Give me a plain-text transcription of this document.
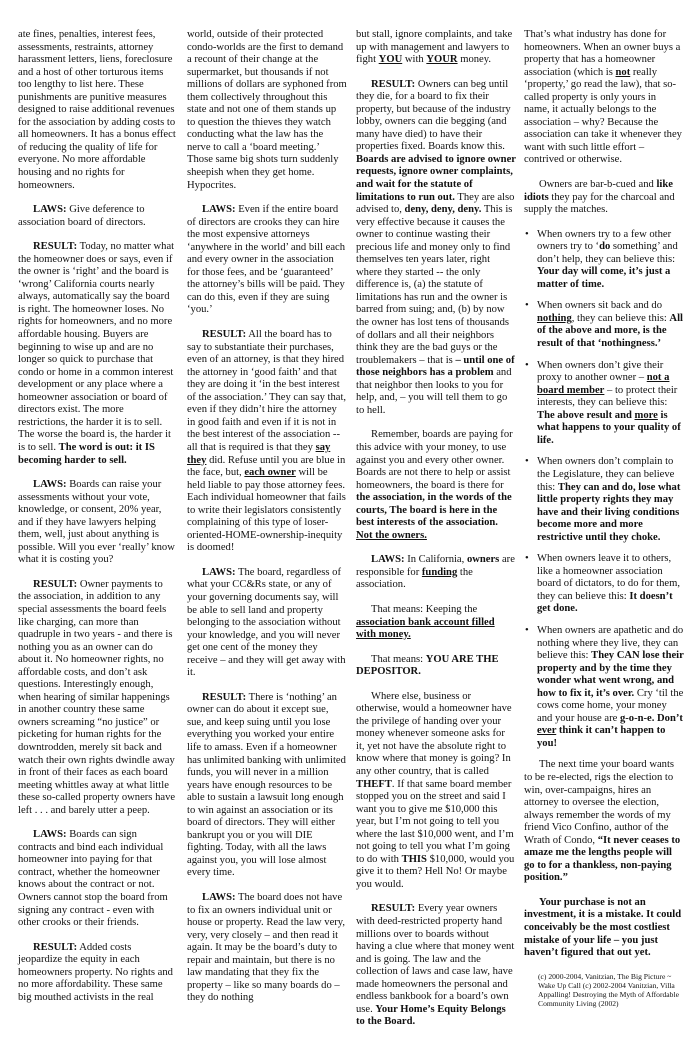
ate fines, penalties, interest fees, assessments, restraints, attorney harassment letters, liens, foreclosure and a host of other torturous items too lengthy to list here. These punishments are punitive measures designed to raise additional revenues for the association by adding costs to all homeowners. It has a bonus effect of reducing the quality of life for everyone. No more affordable housing and no rights for homeowners.

LAWS: Give deference to association board of directors.

RESULT: Today, no matter what the homeowner does or says, even if the owner is ‘right’ and the board is ‘wrong’ California courts nearly always, automatically say the board is right. The homeowner loses. No rights for homeowners, and no more affordable housing. Buyers are beginning to wise up and are no longer so quick to purchase that condo or home in a common interest development or any place where a homeowner association or board of directors exist. The more restrictions, the harder it is to sell. The worse the board is, the harder it is to sell. The word is out: it IS becoming harder to sell.

LAWS: Boards can raise your assessments without your vote, knowledge, or consent, 20% year, and if they have lawyers helping them, well, just about anything is possible. Will you ever ‘really’ know what it is costing you?

RESULT: Owner payments to the association, in addition to any special assessments the board feels like charging, can more than quadruple in two years - and there is nothing you as an owner can do about it. No homeowner rights, no affordable costs, and don’t ask questions. Interestingly enough, when hearing of similar happenings in another country these same owners screaming “no justice” or picketing for human rights for the downtrodden, merely sit back and watch their own rights dwindle away in front of their faces as each board meeting whittles away at what little these so-called property owners have left . . . and barely utter a peep.

LAWS: Boards can sign contracts and bind each individual homeowner into paying for that contract, whether the homeowner knows about the contract or not. Owners cannot stop the board from signing any contract - even with other crooks or their friends.

RESULT: Added costs jeopardize the equity in each homeowners property. No rights and no more affordability. These same big mouthed activists in the real

world, outside of their protected condo-worlds are the first to demand a recount of their change at the supermarket, but thousands if not millions of dollars are syphoned from them collectively throughout this state and not one of them stands up to question the thieves they watch conducting what the law has the nerve to call a ‘board meeting.’ Those same big shots turn suddenly sheepish when they get home. Hypocrites.

LAWS: Even if the entire board of directors are crooks they can hire the most expensive attorneys ‘anywhere in the world’ and bill each and every owner in the association for those fees, and be ‘guaranteed’ the attorney’s bills will be paid. They can do this, even if they are suing ‘you.’

RESULT: All the board has to say to substantiate their purchases, even of an attorney, is that they hired the attorney in ‘good faith’ and that they are doing it ‘in the best interest of the association.’ They can say that, even if they didn’t hire the attorney in good faith and even if it is not in the best interest of the association -- all that is required is that they say they did. Refuse until you are blue in the face, but, each owner will be held liable to pay those attorney fees. Each individual homeowner that fails to write their legislators consistently complaining of this type of loser-oriented-HOME-ownership-inequity is doomed!

LAWS: The board, regardless of what your CC&Rs state, or any of your governing documents say, will be able to sell land and property belonging to the association without your knowledge, and you will never get one cent of the money they receive – and they will get away with it.

RESULT: There is ‘nothing’ an owner can do about it except sue, sue, and keep suing until you lose everything you worked your entire life to amass. Even if a homeowner has unlimited banking with unlimited funds, you will never in a million years have enough resources to be able to sustain a lawsuit long enough to win against an association or its board of directors. They will either bankrupt you or you will DIE fighting. Today, with all the laws against you, you will lose almost every time.

LAWS: The board does not have to fix an owners individual unit or house or property. Read the law very, very, very closely – and then read it again. It may be the board’s duty to repair and maintain, but there is no law mandating that they fix the property – like so many boards do – they do nothing

but stall, ignore complaints, and take up with management and lawyers to fight YOU with YOUR money.

RESULT: Owners can beg until they die, for a board to fix their property, but because of the industry lobby, owners can die begging (and many have died) to have their properties fixed. Boards know this. Boards are advised to ignore owner requests, ignore owner complaints, and wait for the statute of limitations to run out. They are also advised to, deny, deny, deny. This is very effective because it causes the owner to continue wasting their precious life and money only to find themselves ten years later, right where they started -- the only difference is, (a) the statute of limitations has run and the owner is barred from suing; and, (b) by now the owner has lost tens of thousands of dollars and all their neighbors think they are the bad guys or the troublemakers – that is – until one of those neighbors has a problem and that neighbor then looks to you for help, and, – you will tell them to go to hell.

Remember, boards are paying for this advice with your money, to use against you and every other owner. Boards are not there to help or assist homeowners, the board is there for the association, in the words of the courts, The board is here in the best interests of the association. Not the owners.

LAWS: In California, owners are responsible for funding the association.

That means: Keeping the association bank account filled with money.

That means: YOU ARE THE DEPOSITOR.

Where else, business or otherwise, would a homeowner have the privilege of handing over your money whenever someone asks for it, yet not have the absolute right to know where that money is going? In any other country, that is called THEFT. If that same board member stopped you on the street and said I want you to give me $10,000 this year, but I’m not going to tell you where the last $10,000 went, and I’m not going to tell you what I’m going to do with THIS $10,000, would you give it to them? Hell No! Or maybe you would.

RESULT: Every year owners with deed-restricted property hand millions over to boards without having a clue where that money went and is going. The law and the collection of laws and case law, have made homeowners the personal and endless bankbook for a board’s own use. Your Home’s Equity Belongs to the Board.

That’s what industry has done for homeowners. When an owner buys a property that has a homeowner association (which is not really ‘property,’ go read the law), that so-called property is only yours in name, it actually belongs to the association – why? Because the association can take it whenever they want with such little effort – contrived or otherwise.

Owners are bar-b-cued and like idiots they pay for the charcoal and supply the matches.

• When owners try to a few other owners try to ‘do something’ and don’t help, they can believe this: Your day will come, it’s just a matter of time.
• When owners sit back and do nothing, they can believe this: All of the above and more, is the result of that ‘nothingness.’
• When owners don’t give their proxy to another owner – not a board member – to protect their interests, they can believe this: The above result and more is what happens to your quality of life.
• When owners don’t complain to the Legislature, they can believe this: They can and do, lose what little property rights they may have and their living conditions become more and more restrictive until they choke.
• When owners leave it to others, like a homeowner association board of dictators, to do for them, they can believe this: It doesn’t get done.
• When owners are apathetic and do nothing where they live, they can believe this: They CAN lose their property and by the time they wonder what went wrong, and how to fix it, it’s over. Cry ‘til the cows come home, your money and your house are g-o-n-e. Don’t ever think it can’t happen to you!

The next time your board wants to be re-elected, rigs the election to win, over-campaigns, hires an attorney to oversee the election, always remember the words of my friend Vico Confino, author of the Wrath of Condo, “It never ceases to amaze me the lengths people will go to for a thankless, non-paying position.”

Your purchase is not an investment, it is a mistake. It could conceivably be the most costliest mistake of your life – you just haven’t figured that out yet.

(c) 2000-2004, Vanitzian, The Big Picture ~ Wake Up Call (c) 2002-2004 Vanitzian, Villa Appalling! Destroying the Myth of Affordable Community Living (2002)
